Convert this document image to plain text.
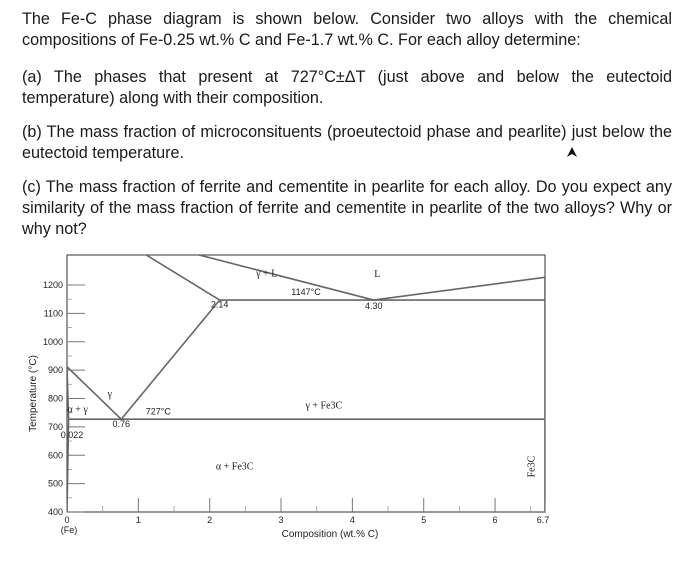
The Fe-C phase diagram is shown below. Consider two alloys with the chemical compositions of Fe-0.25 wt.% C and Fe-1.7 wt.% C. For each alloy determine:

(a) The phases that present at 727°C±ΔT (just above and below the eutectoid temperature) along with their composition.

(b) The mass fraction of microconsituents (proeutectoid phase and pearlite) just below the eutectoid temperature.

(c) The mass fraction of ferrite and cementite in pearlite for each alloy. Do you expect any similarity of the mass fraction of ferrite and cementite in pearlite of the two alloys? Why or why not?

1200
1100
1000
900
800
700
600
500
400
0	1	2	3	4	5	6	6.7
(Fe)	Composition (wt.% C)
Temperature (°C)
γ + L	L
1147°C
2.14	4.30
γ
γ + Fe3C
727°C
α + γ
0.76
0.022
α + Fe3C	Fe3C
